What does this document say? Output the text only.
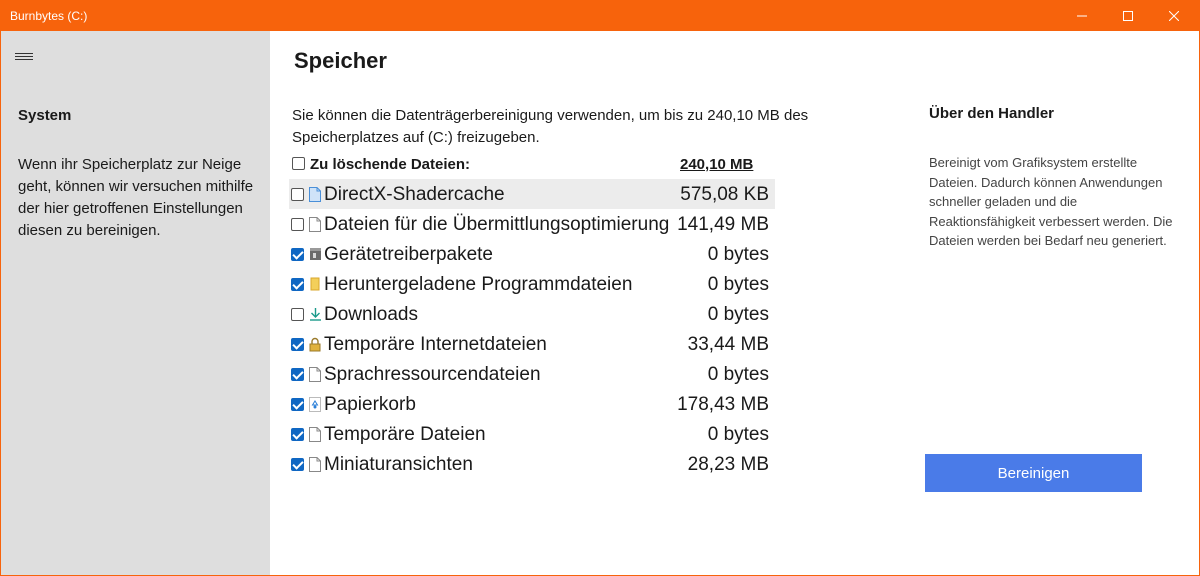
Burnbytes (C:)
System
Wenn ihr Speicherplatz zur Neige geht, können wir versuchen mithilfe der hier getroffenen Einstellungen diesen zu bereinigen.
Speicher
Sie können die Datenträgerbereinigung verwenden, um bis zu 240,10 MB des Speicherplatzes auf (C:) freizugeben.
Zu löschende Dateien:	240,10 MB
DirectX-Shadercache	575,08 KB
Dateien für die Übermittlungsoptimierung 141,49 MB
Gerätetreiberpakete	0 bytes
Heruntergeladene Programmdateien	0 bytes
Downloads	0 bytes
Temporäre Internetdateien	33,44 MB
Sprachressourcendateien	0 bytes
Papierkorb	178,43 MB
Temporäre Dateien	0 bytes
Miniaturansichten	28,23 MB
Über den Handler
Bereinigt vom Grafiksystem erstellte Dateien. Dadurch können Anwendungen schneller geladen und die Reaktionsfähigkeit verbessert werden. Die Dateien werden bei Bedarf neu generiert.
Bereinigen
